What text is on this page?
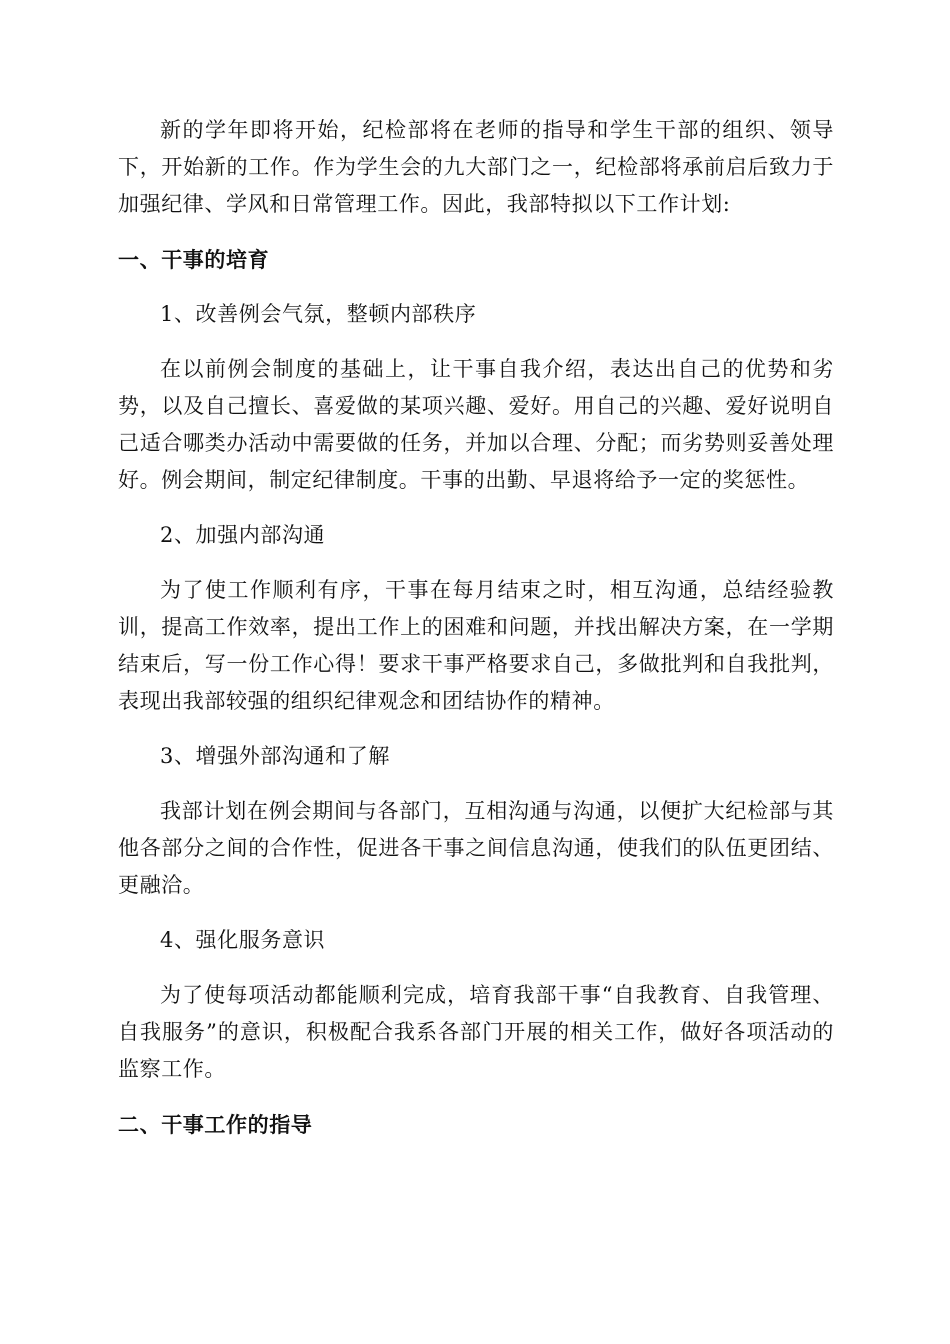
新的学年即将开始，纪检部将在老师的指导和学生干部的组织、领导下，开始新的工作。作为学生会的九大部门之一，纪检部将承前启后致力于加强纪律、学风和日常管理工作。因此，我部特拟以下工作计划:

一、干事的培育

1、改善例会气氛，整顿内部秩序

在以前例会制度的基础上，让干事自我介绍，表达出自己的优势和劣势，以及自己擅长、喜爱做的某项兴趣、爱好。用自己的兴趣、爱好说明自己适合哪类办活动中需要做的任务，并加以合理、分配；而劣势则妥善处理好。例会期间，制定纪律制度。干事的出勤、早退将给予一定的奖惩性。

2、加强内部沟通

为了使工作顺利有序，干事在每月结束之时，相互沟通，总结经验教训，提高工作效率，提出工作上的困难和问题，并找出解决方案，在一学期结束后，写一份工作心得！要求干事严格要求自己，多做批判和自我批判，表现出我部较强的组织纪律观念和团结协作的精神。

3、增强外部沟通和了解

我部计划在例会期间与各部门，互相沟通与沟通，以便扩大纪检部与其他各部分之间的合作性，促进各干事之间信息沟通，使我们的队伍更团结、更融洽。

4、强化服务意识

为了使每项活动都能顺利完成，培育我部干事“自我教育、自我管理、自我服务”的意识，积极配合我系各部门开展的相关工作，做好各项活动的监察工作。

二、干事工作的指导
